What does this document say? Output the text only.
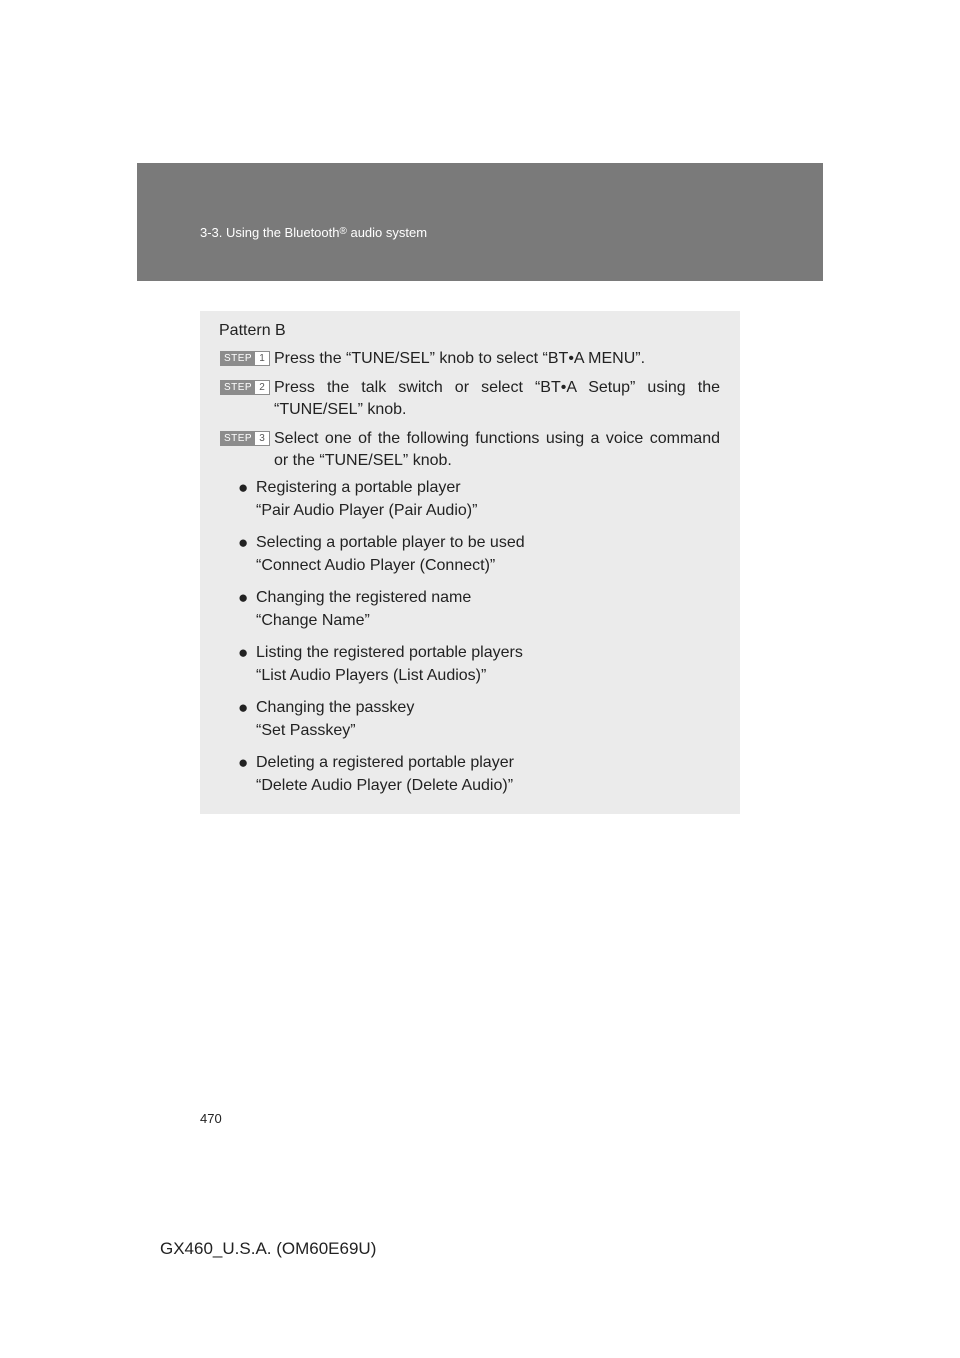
3-3. Using the Bluetooth® audio system
Pattern B
STEP 1 Press the “TUNE/SEL” knob to select “BT•A MENU”.
STEP 2 Press the talk switch or select “BT•A Setup” using the “TUNE/SEL” knob.
STEP 3 Select one of the following functions using a voice command or the “TUNE/SEL” knob.
● Registering a portable player
“Pair Audio Player (Pair Audio)”
● Selecting a portable player to be used
“Connect Audio Player (Connect)”
● Changing the registered name
“Change Name”
● Listing the registered portable players
“List Audio Players (List Audios)”
● Changing the passkey
“Set Passkey”
● Deleting a registered portable player
“Delete Audio Player (Delete Audio)”
470
GX460_U.S.A. (OM60E69U)
